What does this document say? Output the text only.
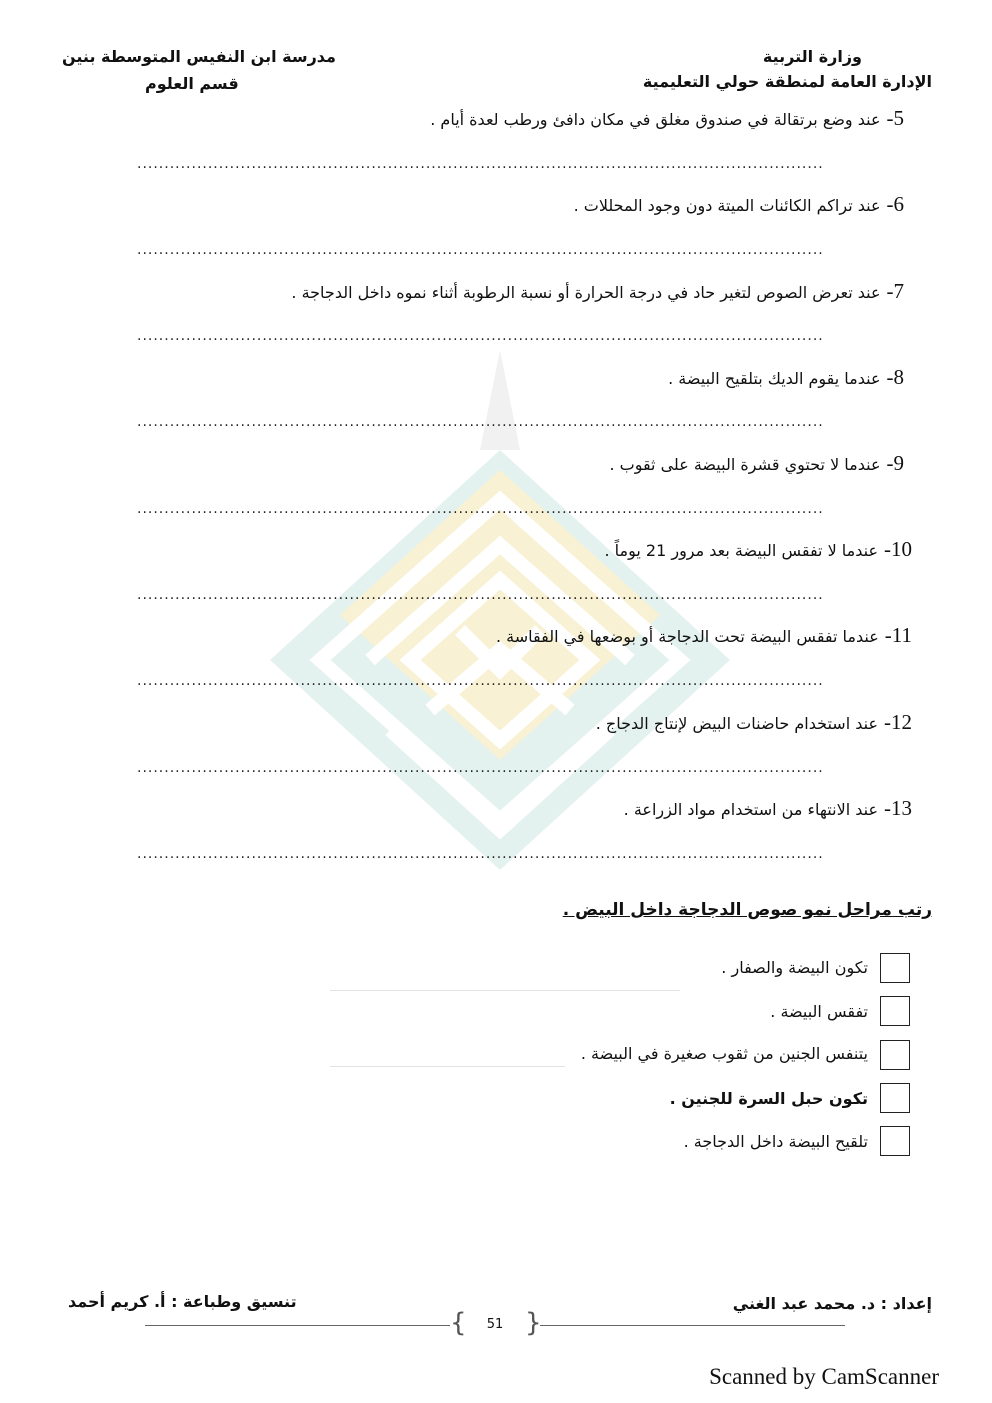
وزارة التربية
الإدارة العامة لمنطقة حولي التعليمية
مدرسة ابن النفيس المتوسطة بنين
قسم العلوم
5-عند وضع برتقالة في صندوق مغلق في مكان دافئ ورطب لعدة أيام .
..............................................................................................................................
6-عند تراكم الكائنات الميتة دون وجود المحللات .
..............................................................................................................................
7-عند تعرض الصوص لتغير حاد في درجة الحرارة أو نسبة الرطوبة أثناء نموه داخل الدجاجة .
..............................................................................................................................
8-عندما يقوم الديك بتلقيح البيضة .
..............................................................................................................................
9-عندما لا تحتوي قشرة البيضة على ثقوب .
..............................................................................................................................
10-عندما لا تفقس البيضة بعد مرور 21 يوماً .
..............................................................................................................................
11-عندما تفقس البيضة تحت الدجاجة أو بوضعها في الفقاسة .
..............................................................................................................................
12-عند استخدام حاضنات البيض لإنتاج الدجاج .
..............................................................................................................................
13-عند الانتهاء من استخدام مواد الزراعة .
..............................................................................................................................
رتب مراحل نمو صوص الدجاجة داخل البيض .
تكون البيضة والصفار .
تفقس البيضة .
يتنفس الجنين من ثقوب صغيرة في البيضة .
تكون حبل السرة للجنين .
تلقيح البيضة داخل الدجاجة .
إعداد : د. محمد عبد الغني
تنسيق وطباعة : أ. كريم أحمد
{ }
51
Scanned by CamScanner
